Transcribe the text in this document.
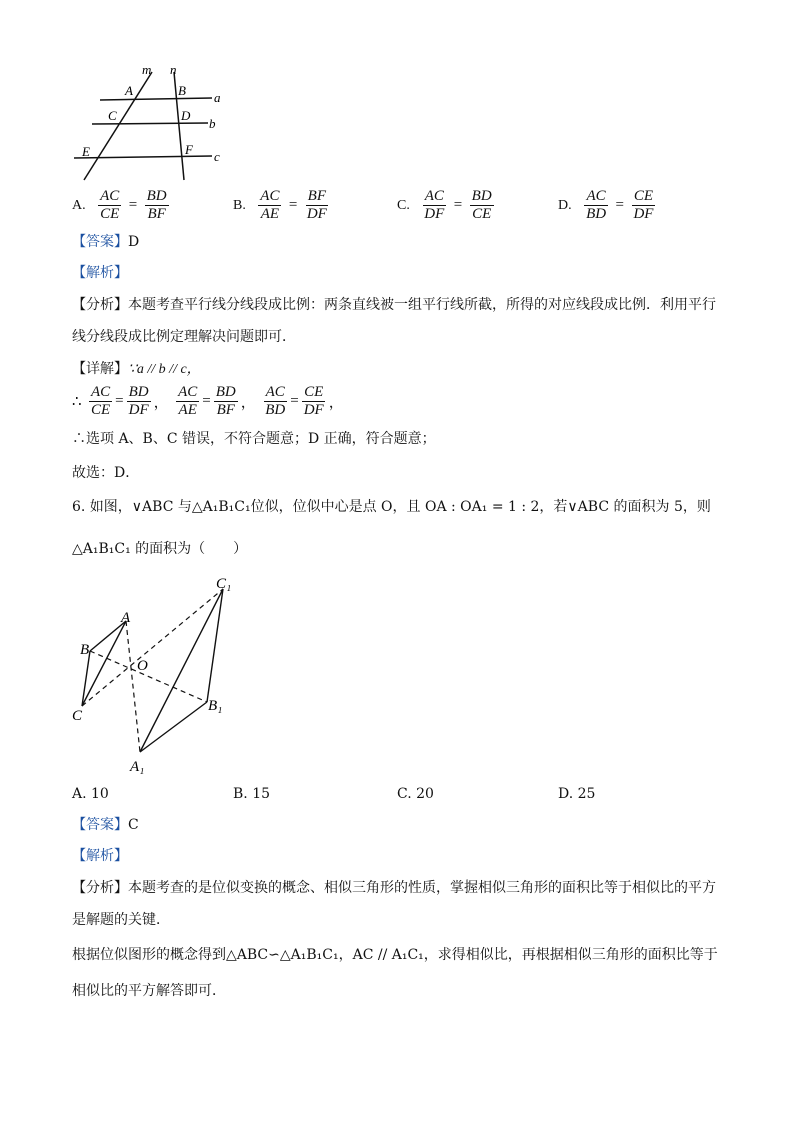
m n
A	B a
C	D
b
E	F c
A. $\frac{AC}{CE} = \frac{BD}{BF}$	B. $\frac{AC}{AE} = \frac{BF}{DF}$	C. $\frac{AC}{DF} = \frac{BD}{CE}$	D. $\frac{AC}{BD} = \frac{CE}{DF}$
【答案】D
【解析】
【分析】本题考查平行线分线段成比例：两条直线被一组平行线所截，所得的对应线段成比例．利用平行
线分线段成比例定理解决问题即可．
【详解】∵a // b // c，
∴ $\frac{AC}{CE} = \frac{BD}{DF}$ ， $\frac{AC}{AE} = \frac{BD}{BF}$ ， $\frac{AC}{BD} = \frac{CE}{DF}$ ，
∴选项 A、B、C 错误，不符合题意；D 正确，符合题意；
故选：D．
6. 如图，∨ABC 与△A₁B₁C₁位似，位似中心是点 O，且 OA : OA₁ = 1 : 2，若∨ABC 的面积为 5，则
△A₁B₁C₁ 的面积为（　　）
A
B
C
O
C₁
B₁
A₁
A. 10	B. 15	C. 20	D. 25
【答案】C
【解析】
【分析】本题考查的是位似变换的概念、相似三角形的性质，掌握相似三角形的面积比等于相似比的平方
是解题的关键．
根据位似图形的概念得到△ABC∽△A₁B₁C₁，AC // A₁C₁，求得相似比，再根据相似三角形的面积比等于
相似比的平方解答即可．
